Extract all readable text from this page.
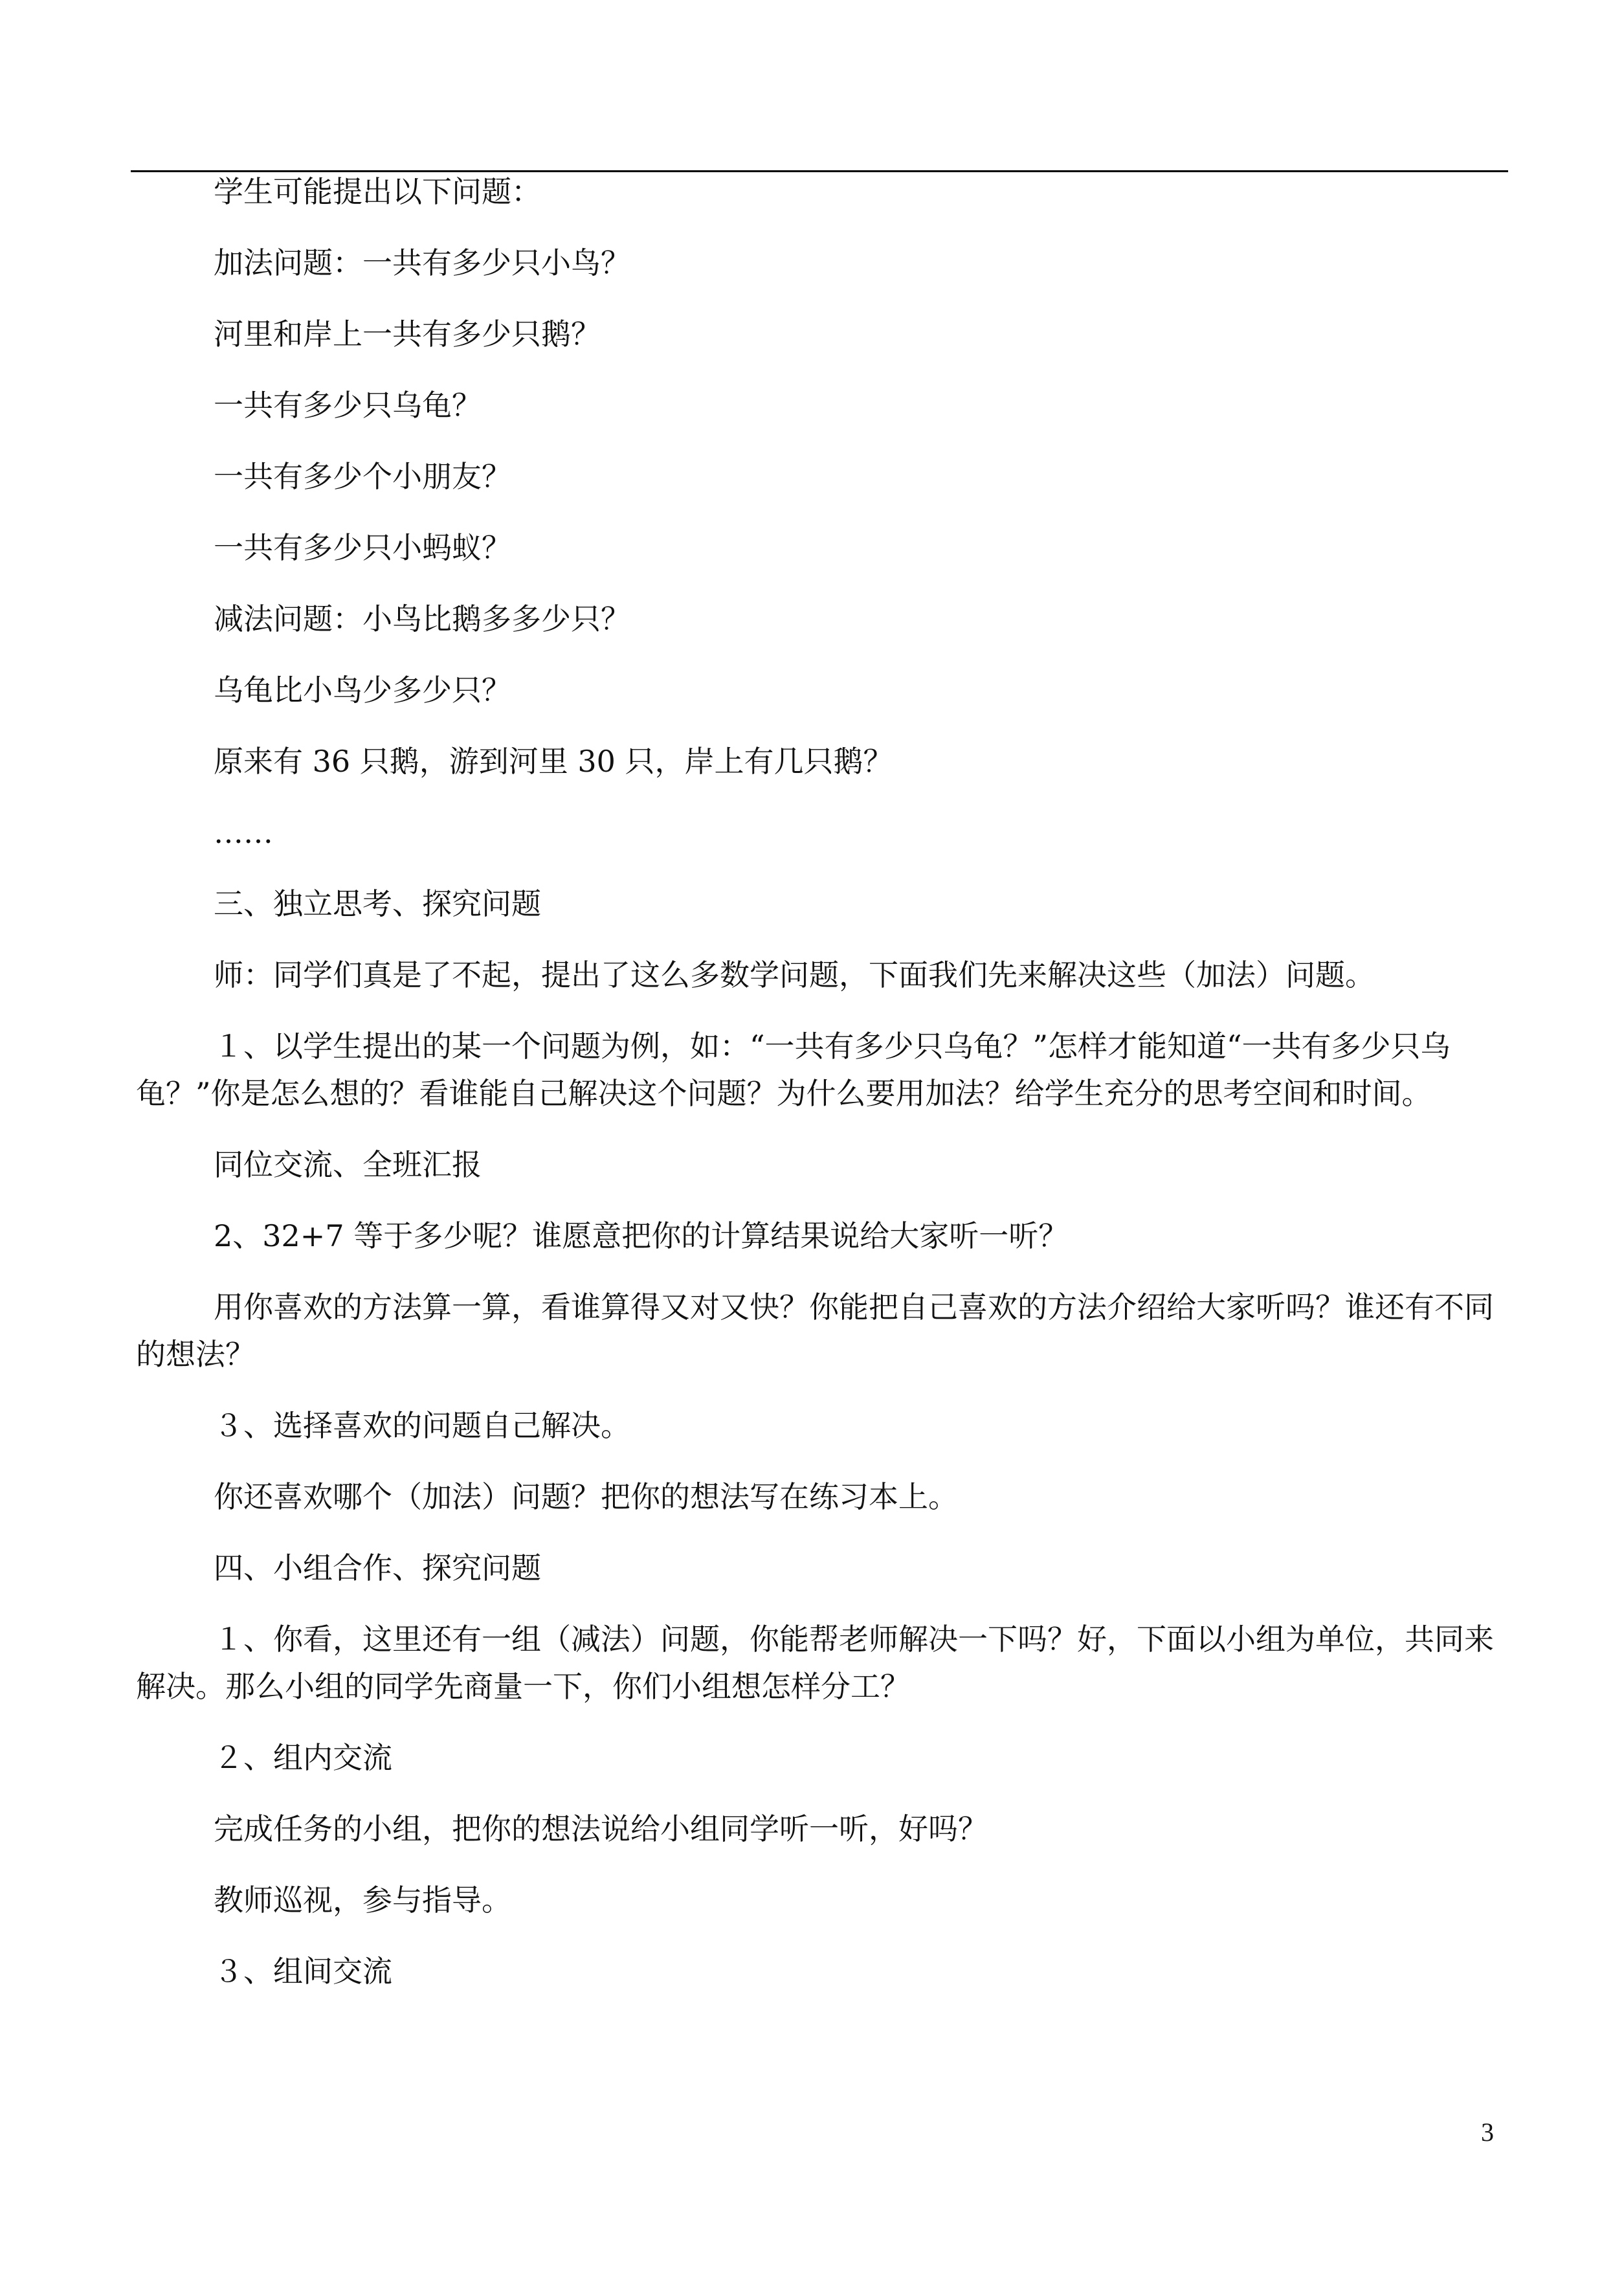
学生可能提出以下问题：

加法问题：一共有多少只小鸟？

河里和岸上一共有多少只鹅？

一共有多少只乌龟？

一共有多少个小朋友？

一共有多少只小蚂蚁？

减法问题：小鸟比鹅多多少只？

乌龟比小鸟少多少只？

原来有 36 只鹅，游到河里 30 只，岸上有几只鹅？

……

三、独立思考、探究问题

师：同学们真是了不起，提出了这么多数学问题，下面我们先来解决这些（加法）问题。

１、以学生提出的某一个问题为例，如：“一共有多少只乌龟？”怎样才能知道“一共有多少只乌龟？”你是怎么想的？看谁能自己解决这个问题？为什么要用加法？给学生充分的思考空间和时间。

同位交流、全班汇报

2、32+7 等于多少呢？谁愿意把你的计算结果说给大家听一听？

用你喜欢的方法算一算，看谁算得又对又快？你能把自己喜欢的方法介绍给大家听吗？谁还有不同的想法？

３、选择喜欢的问题自己解决。

你还喜欢哪个（加法）问题？把你的想法写在练习本上。

四、小组合作、探究问题

１、你看，这里还有一组（减法）问题，你能帮老师解决一下吗？好，下面以小组为单位，共同来解决。那么小组的同学先商量一下，你们小组想怎样分工？

２、组内交流

完成任务的小组，把你的想法说给小组同学听一听，好吗？

教师巡视，参与指导。

３、组间交流

3
